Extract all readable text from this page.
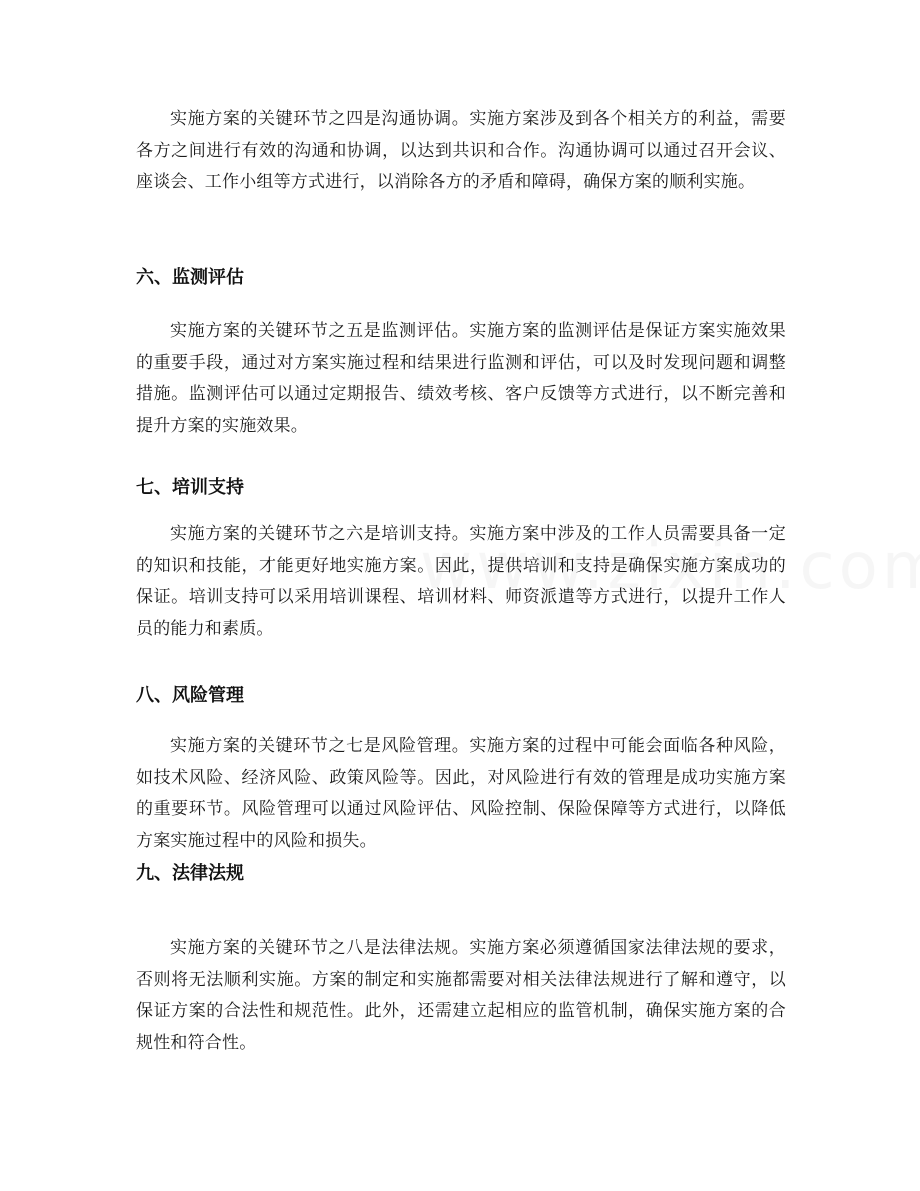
实施方案的关键环节之四是沟通协调。实施方案涉及到各个相关方的利益，需要各方之间进行有效的沟通和协调，以达到共识和合作。沟通协调可以通过召开会议、座谈会、工作小组等方式进行，以消除各方的矛盾和障碍，确保方案的顺利实施。

六、监测评估

实施方案的关键环节之五是监测评估。实施方案的监测评估是保证方案实施效果的重要手段，通过对方案实施过程和结果进行监测和评估，可以及时发现问题和调整措施。监测评估可以通过定期报告、绩效考核、客户反馈等方式进行，以不断完善和提升方案的实施效果。

七、培训支持

实施方案的关键环节之六是培训支持。实施方案中涉及的工作人员需要具备一定的知识和技能，才能更好地实施方案。因此，提供培训和支持是确保实施方案成功的保证。培训支持可以采用培训课程、培训材料、师资派遣等方式进行，以提升工作人员的能力和素质。

八、风险管理

实施方案的关键环节之七是风险管理。实施方案的过程中可能会面临各种风险，如技术风险、经济风险、政策风险等。因此，对风险进行有效的管理是成功实施方案的重要环节。风险管理可以通过风险评估、风险控制、保险保障等方式进行，以降低方案实施过程中的风险和损失。

九、法律法规

实施方案的关键环节之八是法律法规。实施方案必须遵循国家法律法规的要求，否则将无法顺利实施。方案的制定和实施都需要对相关法律法规进行了解和遵守，以保证方案的合法性和规范性。此外，还需建立起相应的监管机制，确保实施方案的合规性和符合性。
